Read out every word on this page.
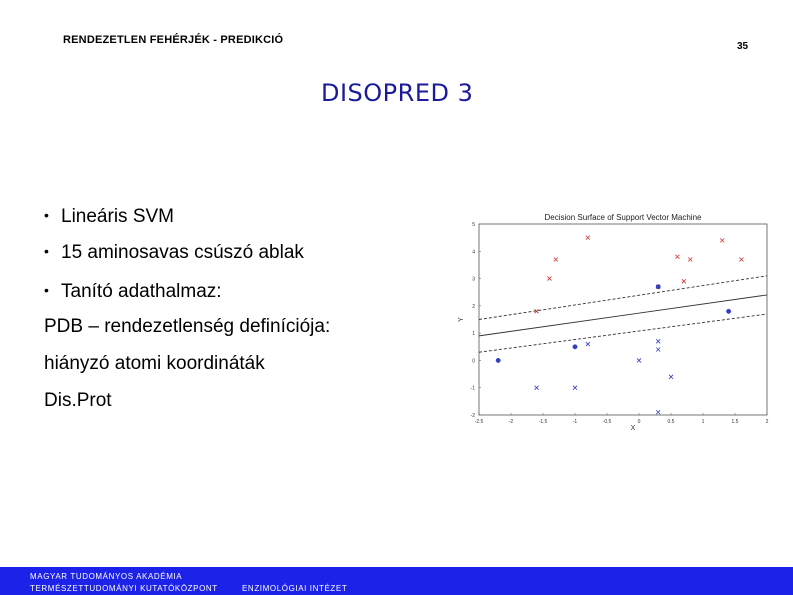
RENDEZETLEN FEHÉRJÉK - PREDIKCIÓ
35
DISOPRED 3
• Lineáris SVM
• 15 aminosavas csúszó ablak
• Tanító adathalmaz:
PDB – rendezetlenség definíciója:
hiányzó atomi koordináták
Dis.Prot
Decision Surface of Support Vector Machine
-2.5	-2	-1.5	-1	-0.5	0	0.5	1	1.5	2
-2
-1
0
1
2
3
4
5
X
Y
MAGYAR TUDOMÁNYOS AKADÉMIA
TERMÉSZETTUDOMÁNYI KUTATÓKÖZPONT	ENZIMOLÓGIAI INTÉZET
